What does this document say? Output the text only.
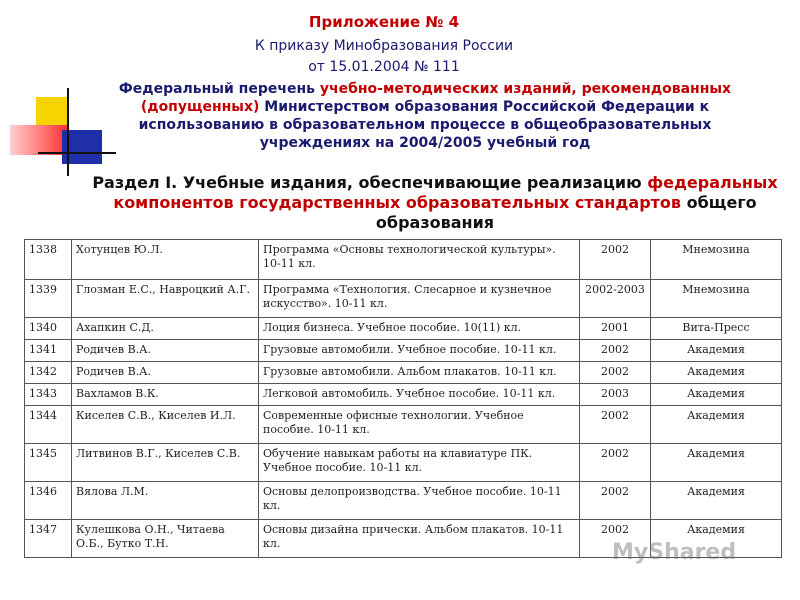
Приложение № 4
К приказу Минобразования России
от 15.01.2004 № 111
Федеральный перечень учебно-методических изданий, рекомендованных (допущенных) Министерством образования Российской Федерации к использованию в образовательном процессе в общеобразовательных учреждениях на 2004/2005 учебный год
Раздел I. Учебные издания, обеспечивающие реализацию федеральных компонентов государственных образовательных стандартов общего образования
1338	Хотунцев Ю.Л.	Программа «Основы технологической культуры». 10-11 кл.	2002	Мнемозина
1339	Глозман Е.С., Навроцкий А.Г.	Программа «Технология. Слесарное и кузнечное искусство». 10-11 кл.	2002-2003	Мнемозина
1340	Ахапкин С.Д.	Лоция бизнеса. Учебное пособие. 10(11) кл.	2001	Вита-Пресс
1341	Родичев В.А.	Грузовые автомобили. Учебное пособие. 10-11 кл.	2002	Академия
1342	Родичев В.А.	Грузовые автомобили. Альбом плакатов. 10-11 кл.	2002	Академия
1343	Вахламов В.К.	Легковой автомобиль. Учебное пособие. 10-11 кл.	2003	Академия
1344	Киселев С.В., Киселев И.Л.	Современные офисные технологии. Учебное пособие. 10-11 кл.	2002	Академия
1345	Литвинов В.Г., Киселев С.В.	Обучение навыкам работы на клавиатуре ПК. Учебное пособие. 10-11 кл.	2002	Академия
1346	Вялова Л.М.	Основы делопроизводства. Учебное пособие. 10-11 кл.	2002	Академия
1347	Кулешкова О.Н., Читаева О.Б., Бутко Т.Н.	Основы дизайна прически. Альбом плакатов. 10-11 кл.	2002	Академия
MyShared
